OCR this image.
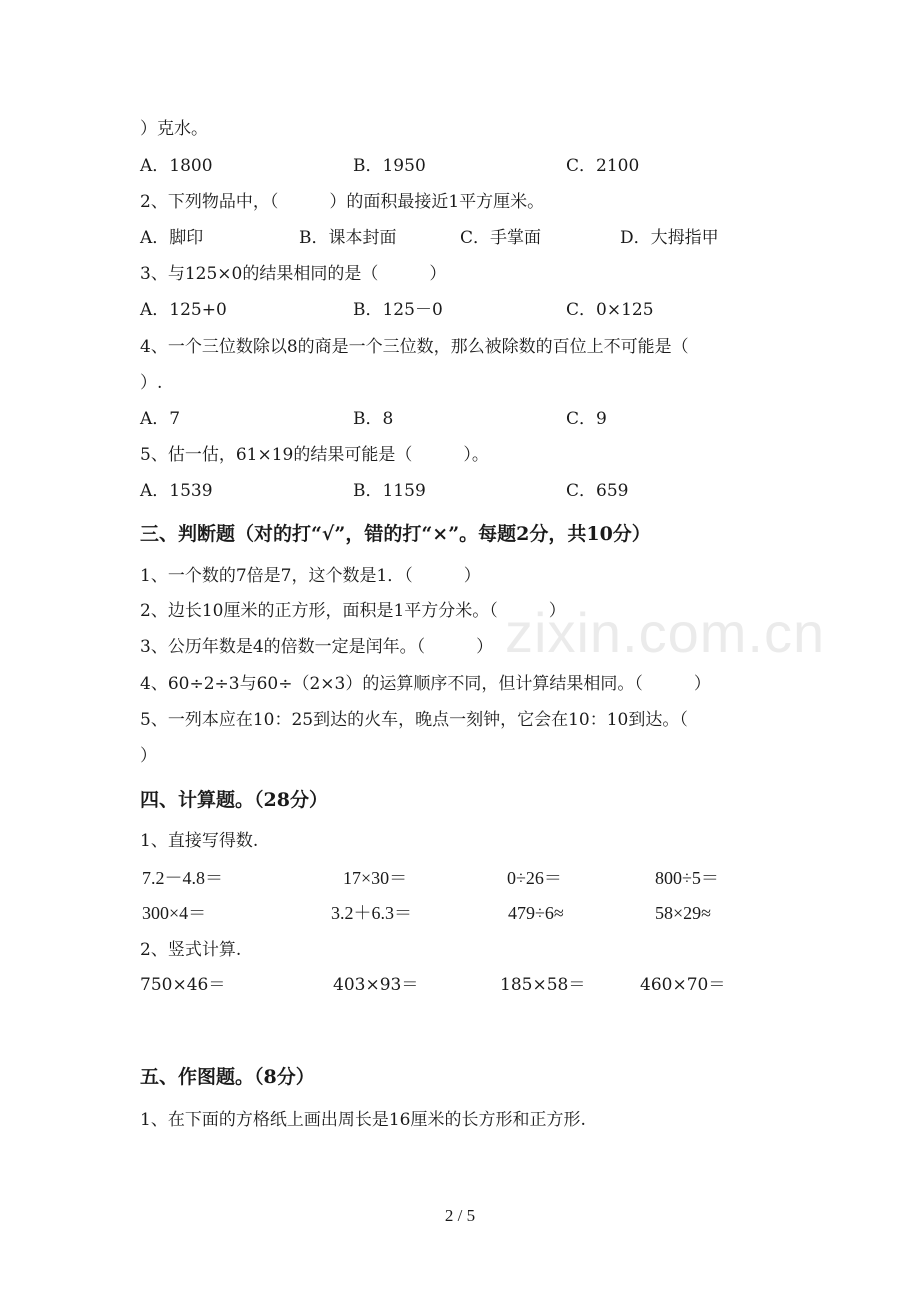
zixin.com.cn
）克水。
A．1800	B．1950	C．2100
2、下列物品中，（　　　）的面积最接近1平方厘米。
A．脚印	B．课本封面	C．手掌面	D．大拇指甲
3、与125×0的结果相同的是（　　　）
A．125+0	B．125－0	C．0×125
4、一个三位数除以8的商是一个三位数，那么被除数的百位上不可能是（
）.
A．7	B．8	C．9
5、估一估，61×19的结果可能是（　　　）。
A．1539	B．1159	C．659
三、判断题（对的打“√”，错的打“×”。每题2分，共10分）
1、一个数的7倍是7，这个数是1．（　　　）
2、边长10厘米的正方形，面积是1平方分米。（　　　）
3、公历年数是4的倍数一定是闰年。（　　　）
4、60÷2÷3与60÷（2×3）的运算顺序不同，但计算结果相同。（　　　）
5、一列本应在10：25到达的火车，晚点一刻钟，它会在10：10到达。（
）
四、计算题。（28分）
1、直接写得数.
7.2－4.8＝	17×30＝	0÷26＝	800÷5＝
300×4＝	3.2＋6.3＝	479÷6≈	58×29≈
2、竖式计算.
750×46＝	403×93＝	185×58＝	460×70＝
五、作图题。（8分）
1、在下面的方格纸上画出周长是16厘米的长方形和正方形.
2 / 5
